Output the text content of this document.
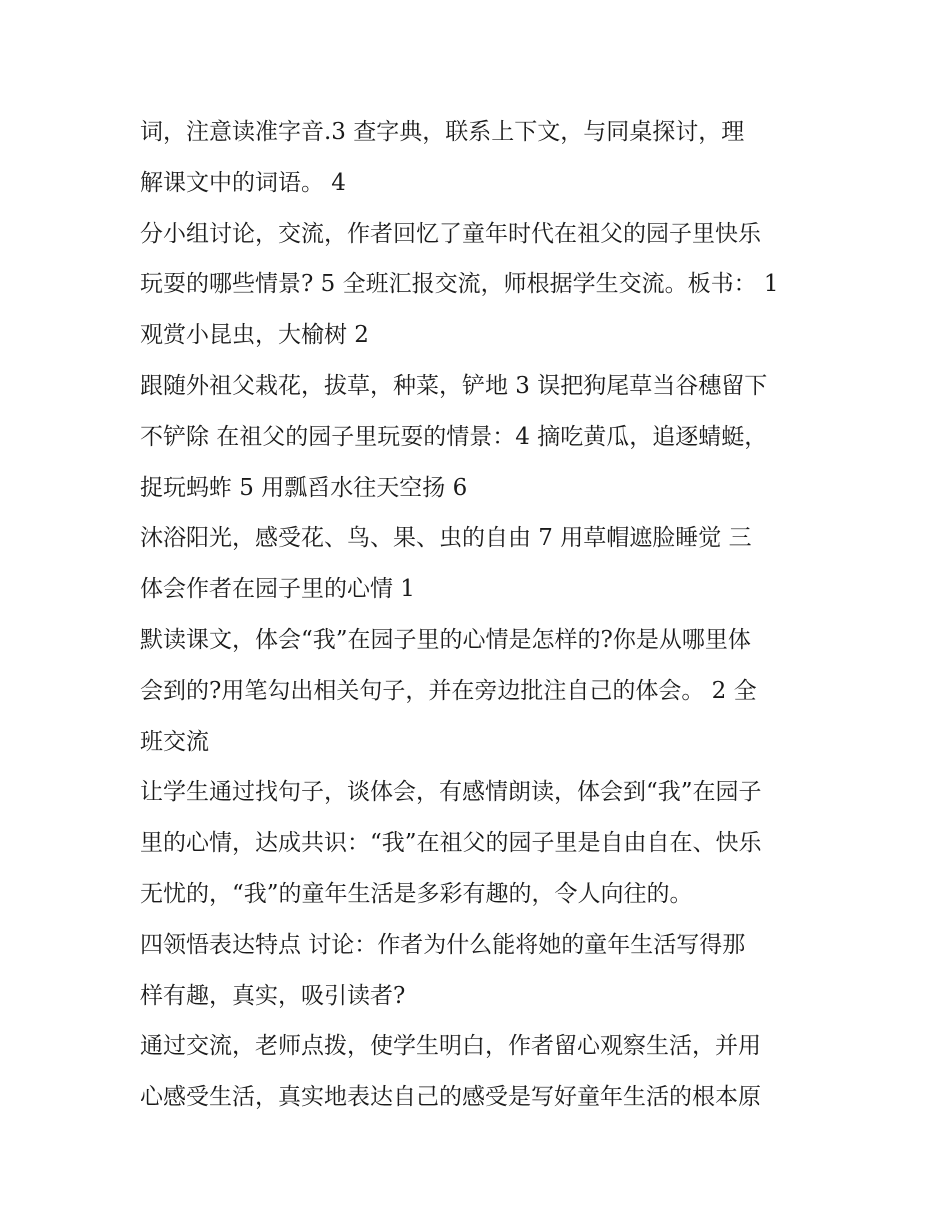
词，注意读准字音.3 查字典，联系上下文，与同桌探讨，理
解课文中的词语。 4
分小组讨论，交流，作者回忆了童年时代在祖父的园子里快乐
玩耍的哪些情景? 5 全班汇报交流，师根据学生交流。板书： 1
观赏小昆虫，大榆树 2
跟随外祖父栽花，拔草，种菜，铲地 3 误把狗尾草当谷穗留下
不铲除 在祖父的园子里玩耍的情景：4 摘吃黄瓜，追逐蜻蜓，
捉玩蚂蚱 5 用瓢舀水往天空扬 6
沐浴阳光，感受花、鸟、果、虫的自由 7 用草帽遮脸睡觉 三
体会作者在园子里的心情 1
默读课文，体会“我”在园子里的心情是怎样的?你是从哪里体
会到的?用笔勾出相关句子，并在旁边批注自己的体会。 2 全
班交流
让学生通过找句子，谈体会，有感情朗读，体会到“我”在园子
里的心情，达成共识：“我”在祖父的园子里是自由自在、快乐
无忧的，“我”的童年生活是多彩有趣的，令人向往的。
四领悟表达特点 讨论：作者为什么能将她的童年生活写得那
样有趣，真实，吸引读者?
通过交流，老师点拨，使学生明白，作者留心观察生活，并用
心感受生活，真实地表达自己的感受是写好童年生活的根本原
